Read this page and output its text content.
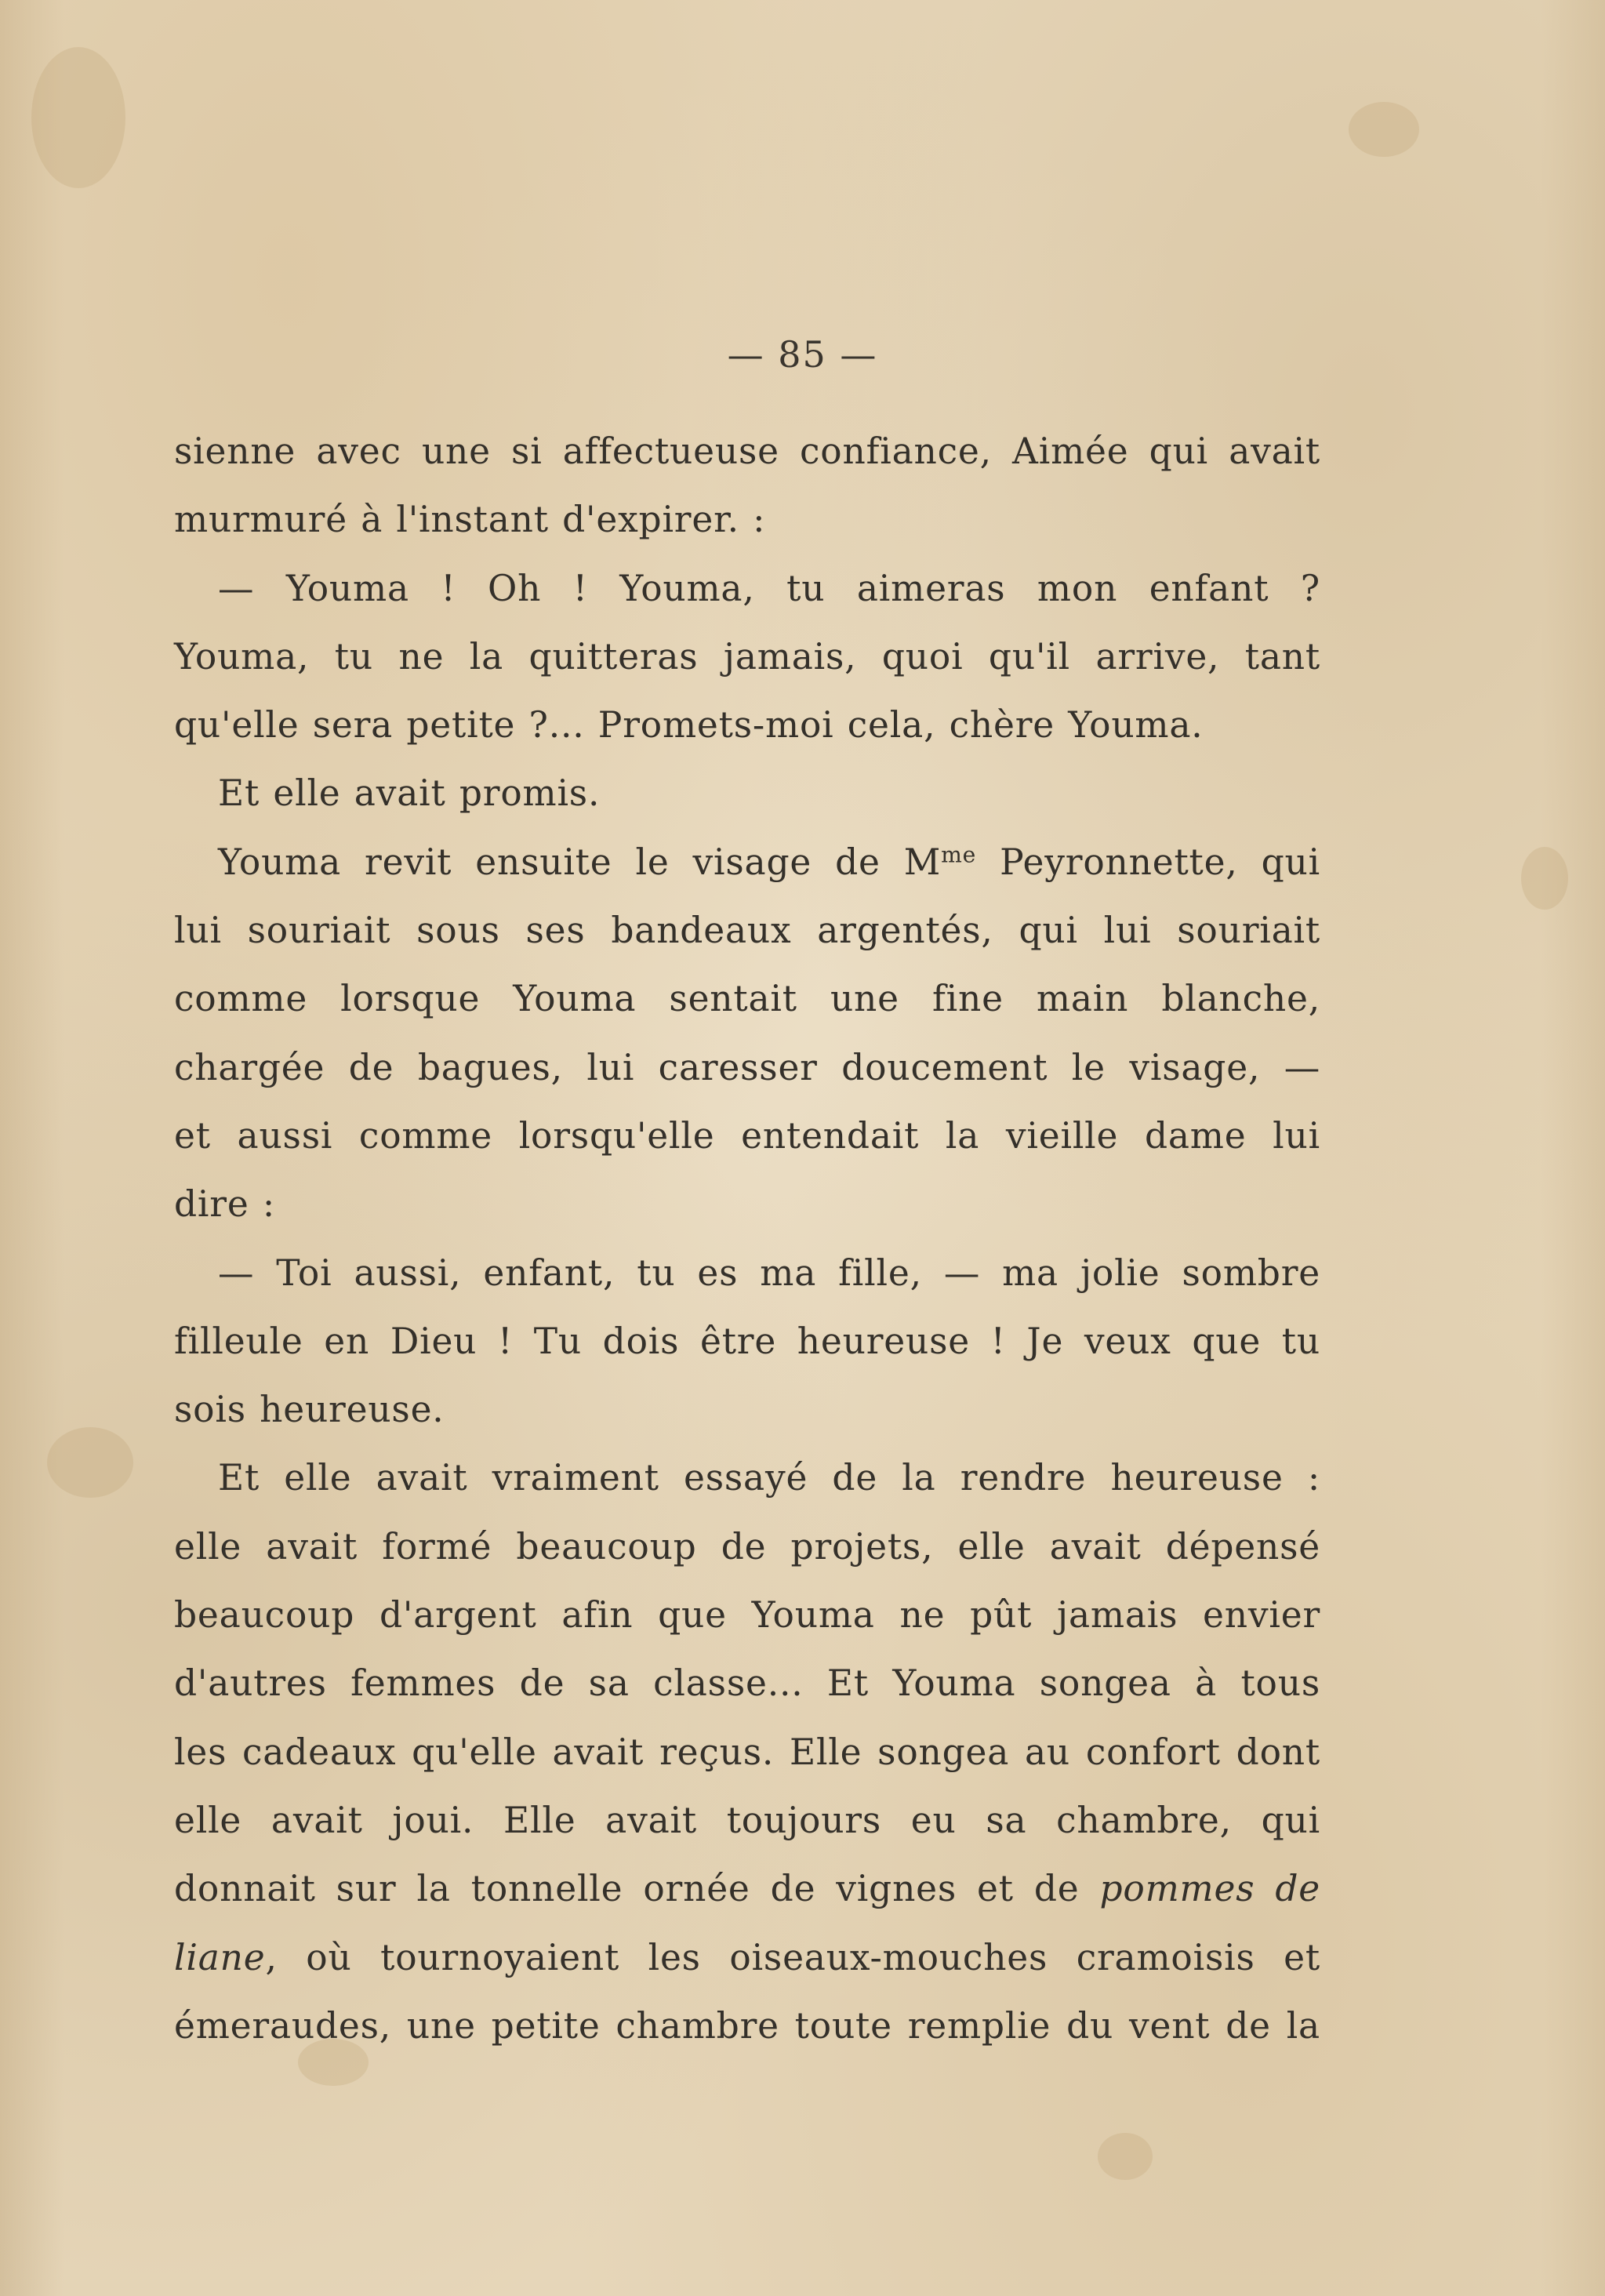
— 85 —

sienne avec une si affectueuse confiance, Aimée qui avait

murmuré à l'instant d'expirer. :

— Youma ! Oh ! Youma, tu aimeras mon enfant ?

Youma, tu ne la quitteras jamais, quoi qu'il arrive, tant

qu'elle sera petite ?... Promets-moi cela, chère Youma.

Et elle avait promis.

Youma revit ensuite le visage de $M^{me}$ Peyronnette, qui

lui souriait sous ses bandeaux argentés, qui lui souriait

comme lorsque Youma sentait une fine main blanche,

chargée de bagues, lui caresser doucement le visage, —

et aussi comme lorsqu'elle entendait la vieille dame lui

dire :

— Toi aussi, enfant, tu es ma fille, — ma jolie sombre

filleule en Dieu ! Tu dois être heureuse ! Je veux que tu

sois heureuse.

Et elle avait vraiment essayé de la rendre heureuse :

elle avait formé beaucoup de projets, elle avait dépensé

beaucoup d'argent afin que Youma ne pût jamais envier

d'autres femmes de sa classe... Et Youma songea à tous

les cadeaux qu'elle avait reçus. Elle songea au confort dont

elle avait joui. Elle avait toujours eu sa chambre, qui

donnait sur la tonnelle ornée de vignes et de pommes de

liane, où tournoyaient les oiseaux-mouches cramoisis et

émeraudes, une petite chambre toute remplie du vent de la
